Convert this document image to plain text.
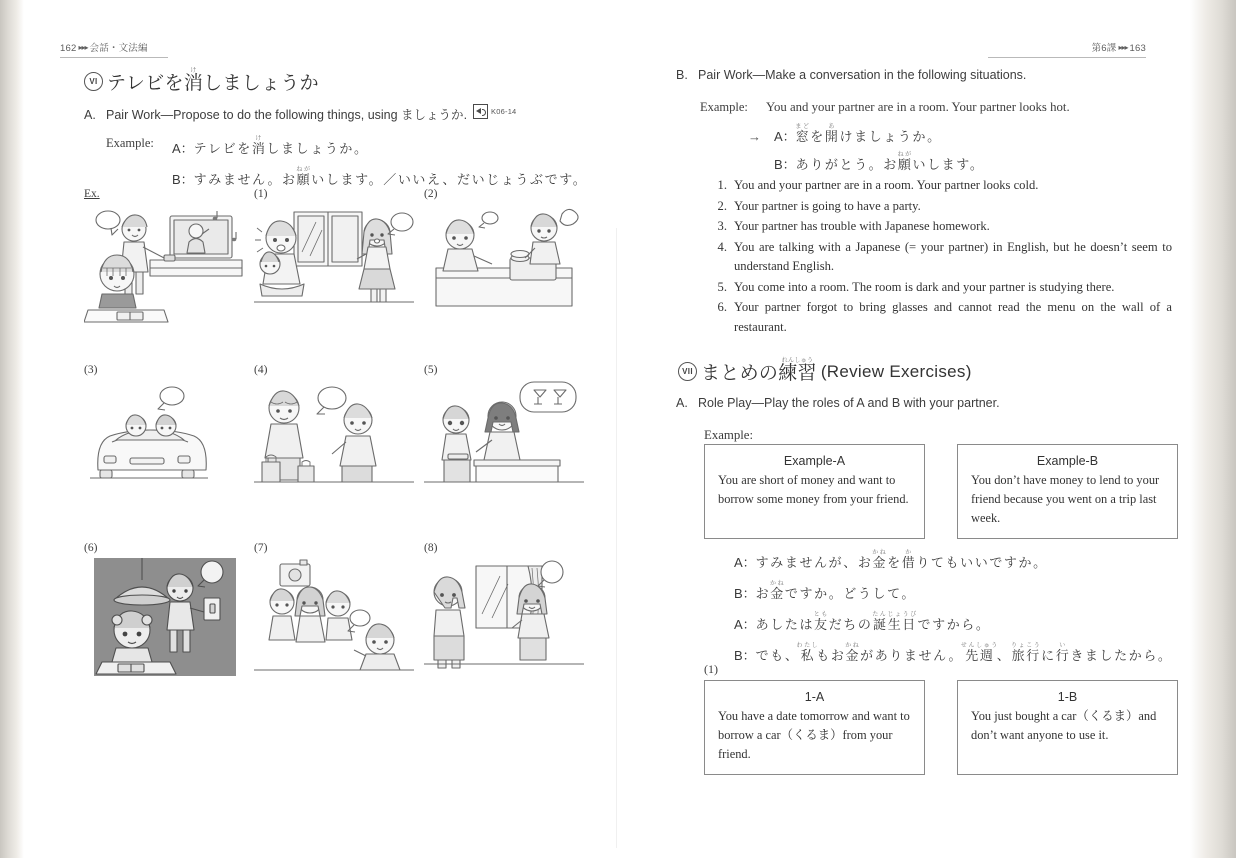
162 ▸▸▸ 会話・文法編
VI テレビを消けしましょうか
A. Pair Work—Propose to do the following things, using ましょうか.	K06-14
Example:	A：テレビを消けしましょうか。
B：すみません。お願ねがいします。／いいえ、だいじょうぶです。
Ex.	(1)	(2)
(3)	(4)	(5)
(6)	(7)	(8)
第6課 ▸▸▸ 163
B. Pair Work—Make a conversation in the following situations.
Example:	You and your partner are in a room. Your partner looks hot.
→	A：窓まどを開あけましょうか。
B：ありがとう。お願ねがいします。
1. You and your partner are in a room. Your partner looks cold.
2. Your partner is going to have a party.
3. Your partner has trouble with Japanese homework.
4. You are talking with a Japanese (= your partner) in English, but he doesn’t seem to understand English.
5. You come into a room. The room is dark and your partner is studying there.
6. Your partner forgot to bring glasses and cannot read the menu on the wall of a restaurant.
VII まとめの練習れんしゅう
(Review Exercises)
A. Role Play—Play the roles of A and B with your partner.
Example:
Example-A
You are short of money and want to borrow some money from your friend.
Example-B
You don’t have money to lend to your friend because you went on a trip last week.
A：すみませんが、お金かねを借かりてもいいですか。
B：お金かねですか。どうして。
A：あしたは友ともだちの誕生日たんじょうびですから。
B：でも、私わたしもお金かねがありません。先週せんしゅう、旅行りょこうに行いきましたから。
(1)
1-A
You have a date tomorrow and want to borrow a car（くるま）from your friend.
1-B
You just bought a car（くるま）and don’t want anyone to use it.
